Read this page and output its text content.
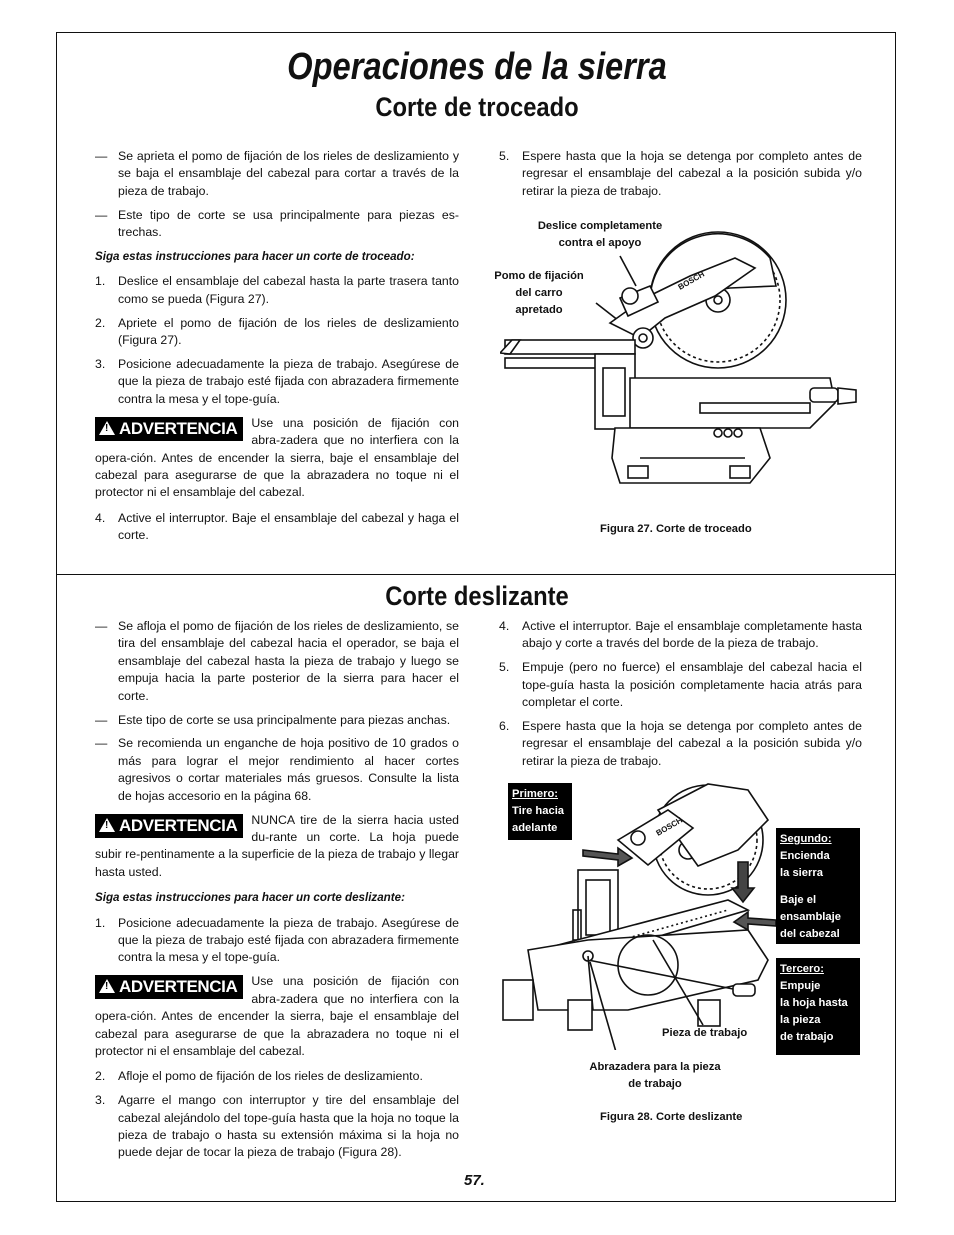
Operaciones de la sierra
Corte de troceado
— Se aprieta el pomo de fijación de los rieles de deslizamiento y se baja el ensamblaje del cabezal para cortar a través de la pieza de trabajo.
— Este tipo de corte se usa principalmente para piezas es-trechas.
Siga estas instrucciones para hacer un corte de troceado:
1.	Deslice el ensamblaje del cabezal hasta la parte trasera tanto como se pueda (Figura 27).
2.	Apriete el pomo de fijación de los rieles de deslizamiento (Figura 27).
3.	Posicione adecuadamente la pieza de trabajo. Asegúrese de que la pieza de trabajo esté fijada con abrazadera firmemente contra la mesa y el tope-guía.
!ADVERTENCIA	Use una posición de fijación con abra-zadera que no interfiera con la opera-ción. Antes de encender la sierra, baje el ensamblaje del cabezal para asegurarse de que la abrazadera no toque ni el protector ni el ensamblaje del cabezal.
4.	Active el interruptor. Baje el ensamblaje del cabezal y haga el corte.
5.	Espere hasta que la hoja se detenga por completo antes de regresar el ensamblaje del cabezal a la posición subida y/o retirar la pieza de trabajo.
Deslice completamente
contra el apoyo
Pomo de fijación
del carro
apretado
BOSCH
Figura 27. Corte de troceado
Corte deslizante
— Se afloja el pomo de fijación de los rieles de deslizamiento, se tira del ensamblaje del cabezal hacia el operador, se baja el ensamblaje del cabezal hasta la pieza de trabajo y luego se empuja hacia la parte posterior de la sierra para hacer el corte.
— Este tipo de corte se usa principalmente para piezas anchas.
— Se recomienda un enganche de hoja positivo de 10 grados o más para lograr el mejor rendimiento al hacer cortes agresivos o cortar materiales más gruesos. Consulte la lista de hojas accesorio en la página 68.
!ADVERTENCIA	NUNCA tire de la sierra hacia usted du-rante un corte. La hoja puede subir re-pentinamente a la superficie de la pieza de trabajo y llegar hasta usted.
Siga estas instrucciones para hacer un corte deslizante:
1.	Posicione adecuadamente la pieza de trabajo. Asegúrese de que la pieza de trabajo esté fijada con abrazadera firmemente contra la mesa y el tope-guía.
!ADVERTENCIA	Use una posición de fijación con abra-zadera que no interfiera con la opera-ción. Antes de encender la sierra, baje el ensamblaje del cabezal para asegurarse de que la abrazadera no toque ni el protector ni el ensamblaje del cabezal.
2.	Afloje el pomo de fijación de los rieles de deslizamiento.
3.	Agarre el mango con interruptor y tire del ensamblaje del cabezal alejándolo del tope-guía hasta que la hoja no toque la pieza de trabajo o hasta su extensión máxima si la hoja no puede dejar de tocar la pieza de trabajo (Figura 28).
4.	Active el interruptor. Baje el ensamblaje completamente hasta abajo y corte a través del borde de la pieza de trabajo.
5.	Empuje (pero no fuerce) el ensamblaje del cabezal hacia el tope-guía hasta la posición completamente hacia atrás para completar el corte.
6.	Espere hasta que la hoja se detenga por completo antes de regresar el ensamblaje del cabezal a la posición subida y/o retirar la pieza de trabajo.
BOSCH
Primero:
Tire hacia
adelante
Segundo:
Encienda
la sierra
Baje el
ensamblaje
del cabezal
Tercero:
Empuje
la hoja hasta
la pieza
de trabajo
Pieza de trabajo
Abrazadera para la pieza
de trabajo
Figura 28. Corte deslizante
57.
